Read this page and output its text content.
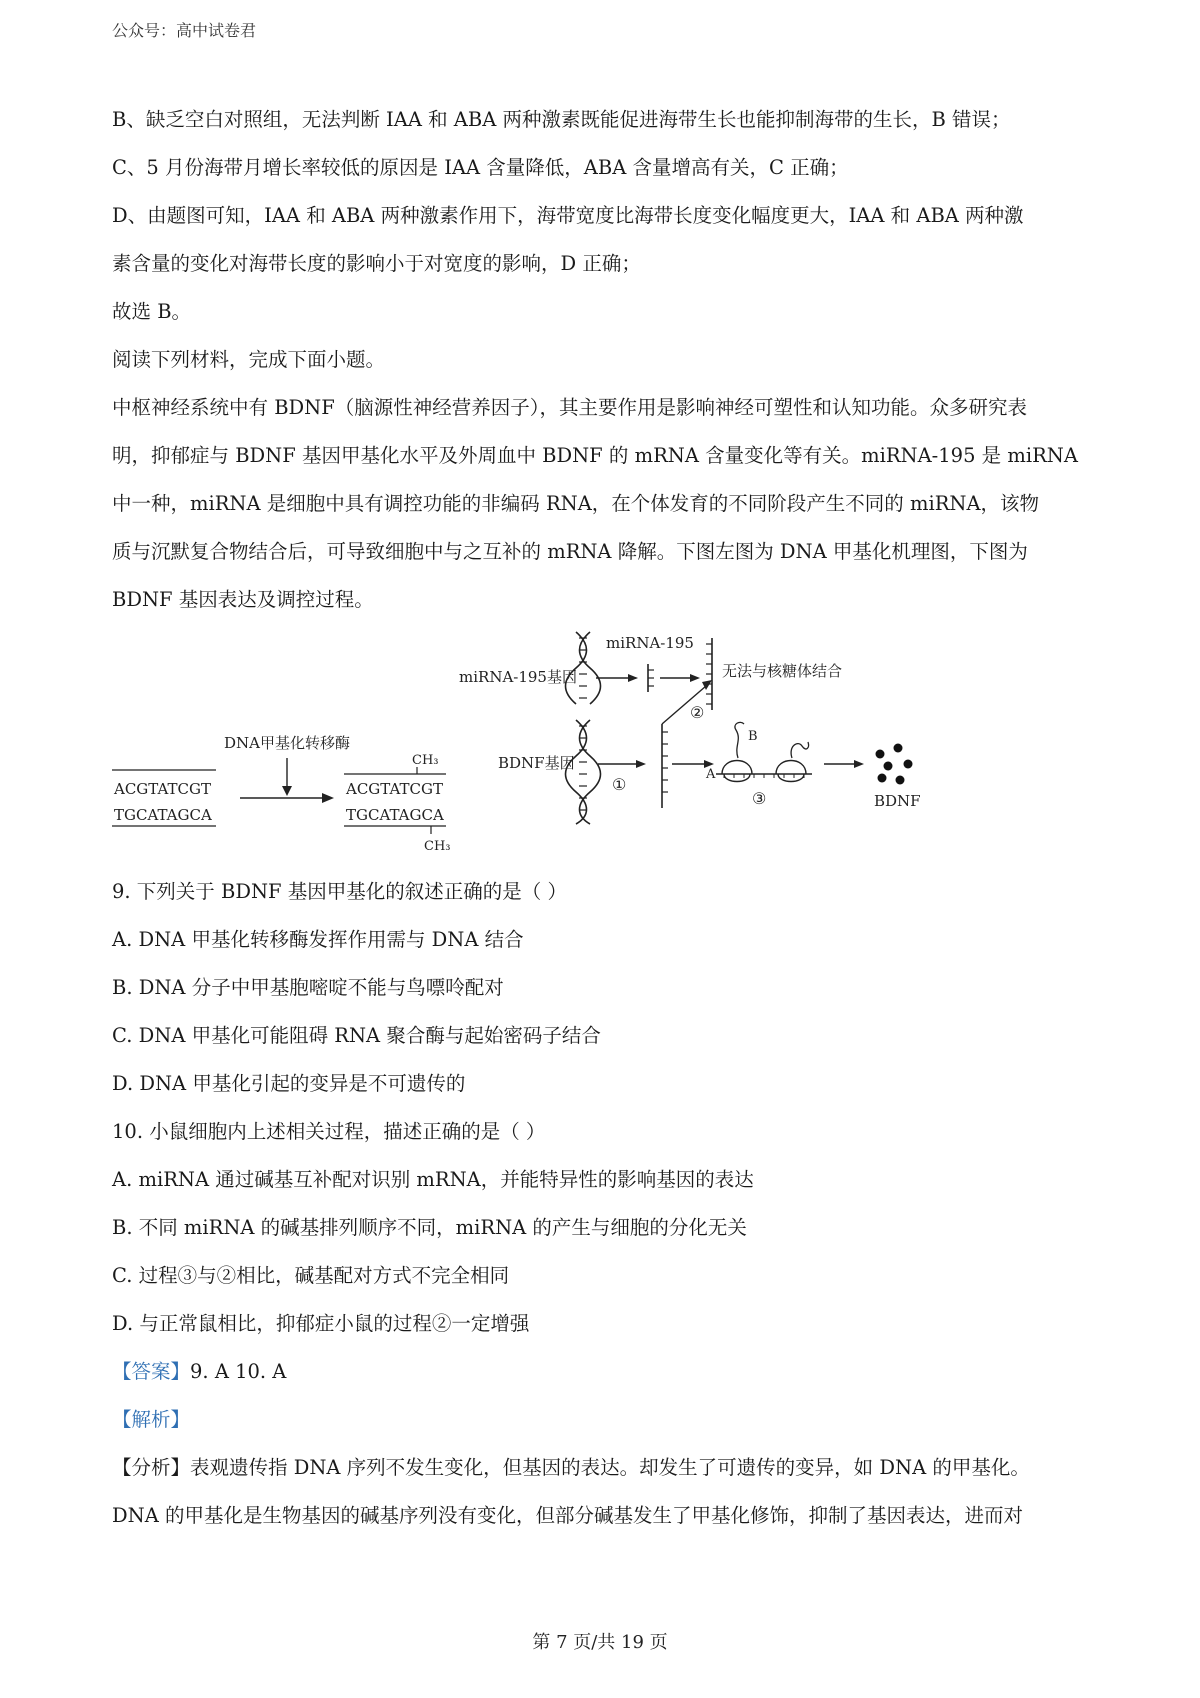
公众号：高中试卷君

B、缺乏空白对照组，无法判断 IAA 和 ABA 两种激素既能促进海带生长也能抑制海带的生长，B 错误；

C、5 月份海带月增长率较低的原因是 IAA 含量降低，ABA 含量增高有关，C 正确；

D、由题图可知，IAA 和 ABA 两种激素作用下，海带宽度比海带长度变化幅度更大，IAA 和 ABA 两种激

素含量的变化对海带长度的影响小于对宽度的影响，D 正确；

故选 B。

阅读下列材料，完成下面小题。

中枢神经系统中有 BDNF（脑源性神经营养因子），其主要作用是影响神经可塑性和认知功能。众多研究表

明，抑郁症与 BDNF 基因甲基化水平及外周血中 BDNF 的 mRNA 含量变化等有关。miRNA-195 是 miRNA

中一种，miRNA 是细胞中具有调控功能的非编码 RNA，在个体发育的不同阶段产生不同的 miRNA，该物

质与沉默复合物结合后，可导致细胞中与之互补的 mRNA 降解。下图左图为 DNA 甲基化机理图，下图为

BDNF 基因表达及调控过程。

DNA甲基化转移酶
ACGTATCGT
TGCATAGCA
CH₃
ACGTATCGT
TGCATAGCA
CH₃
miRNA-195基因
miRNA-195
无法与核糖体结合
BDNF基因
①
②
A
B
③	BDNF

9. 下列关于 BDNF 基因甲基化的叙述正确的是（ ）

A. DNA 甲基化转移酶发挥作用需与 DNA 结合

B. DNA 分子中甲基胞嘧啶不能与鸟嘌呤配对

C. DNA 甲基化可能阻碍 RNA 聚合酶与起始密码子结合

D. DNA 甲基化引起的变异是不可遗传的

10. 小鼠细胞内上述相关过程，描述正确的是（ ）

A. miRNA 通过碱基互补配对识别 mRNA，并能特异性的影响基因的表达

B. 不同 miRNA 的碱基排列顺序不同，miRNA 的产生与细胞的分化无关

C. 过程③与②相比，碱基配对方式不完全相同

D. 与正常鼠相比，抑郁症小鼠的过程②一定增强

【答案】9. A 10. A

【解析】

【分析】表观遗传指 DNA 序列不发生变化，但基因的表达。却发生了可遗传的变异，如 DNA 的甲基化。

DNA 的甲基化是生物基因的碱基序列没有变化，但部分碱基发生了甲基化修饰，抑制了基因表达，进而对

第 7 页/共 19 页
